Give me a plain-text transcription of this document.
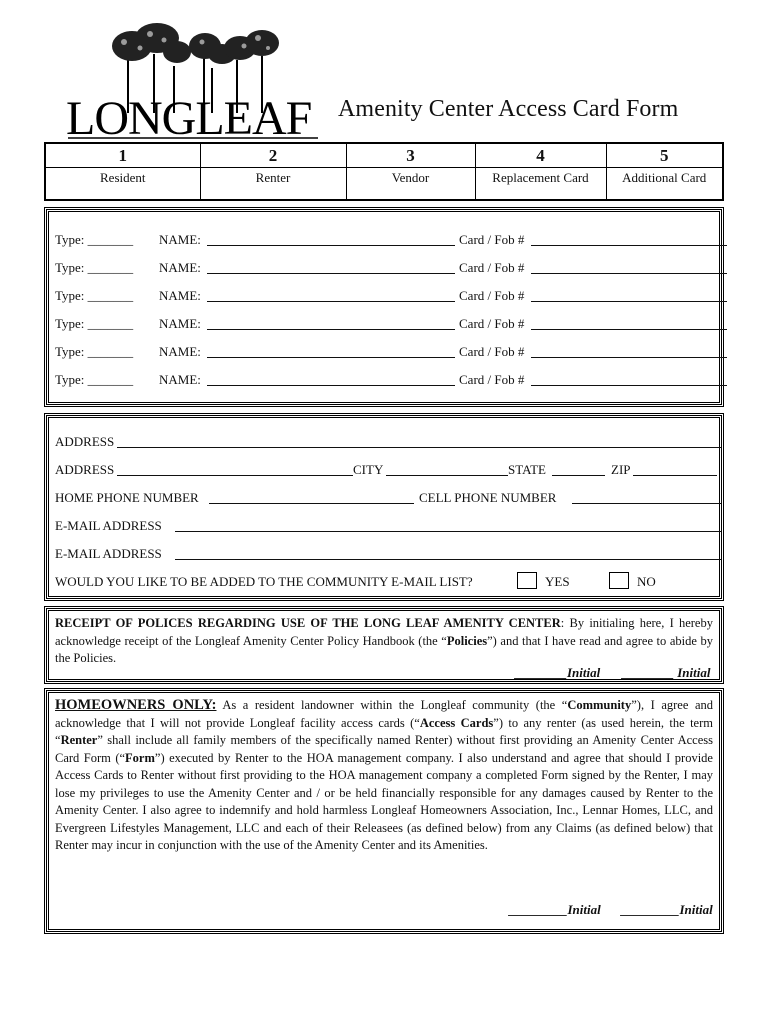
LONGLEAF Amenity Center Access Card Form
1	2	3	4	5
Resident	Renter	Vendor	Replacement Card	Additional Card
Type: _______ NAME:	Card / Fob #
Type: _______ NAME:	Card / Fob #
Type: _______ NAME:	Card / Fob #
Type: _______ NAME:	Card / Fob #
Type: _______ NAME:	Card / Fob #
Type: _______ NAME:	Card / Fob #
ADDRESS
ADDRESS	CITY	STATE	ZIP
HOME PHONE NUMBER	CELL PHONE NUMBER
E-MAIL ADDRESS
E-MAIL ADDRESS
WOULD YOU LIKE TO BE ADDED TO THE COMMUNITY E-MAIL LIST?	YES	NO
RECEIPT OF POLICES REGARDING USE OF THE LONG LEAF AMENITY CENTER: By initialing here, I hereby acknowledge receipt of the Longleaf Amenity Center Policy Handbook (the “Policies”) and that I have read and agree to abide by the Policies.
________Initial ________ Initial
HOMEOWNERS ONLY: As a resident landowner within the Longleaf community (the “Community”), I agree and acknowledge that I will not provide Longleaf facility access cards (“Access Cards”) to any renter (as used herein, the term “Renter” shall include all family members of the specifically named Renter) without first providing an Amenity Center Access Card Form (“Form”) executed by Renter to the HOA management company. I also understand and agree that should I provide Access Cards to Renter without first providing to the HOA management company a completed Form signed by the Renter, I may lose my privileges to use the Amenity Center and / or be held financially responsible for any damages caused by Renter to the Amenity Center. I also agree to indemnify and hold harmless Longleaf Homeowners Association, Inc., Lennar Homes, LLC, and Evergreen Lifestyles Management, LLC and each of their Releasees (as defined below) from any Claims (as defined below) that Renter may incur in conjunction with the use of the Amenity Center and its Amenities.
_________Initial _________Initial
